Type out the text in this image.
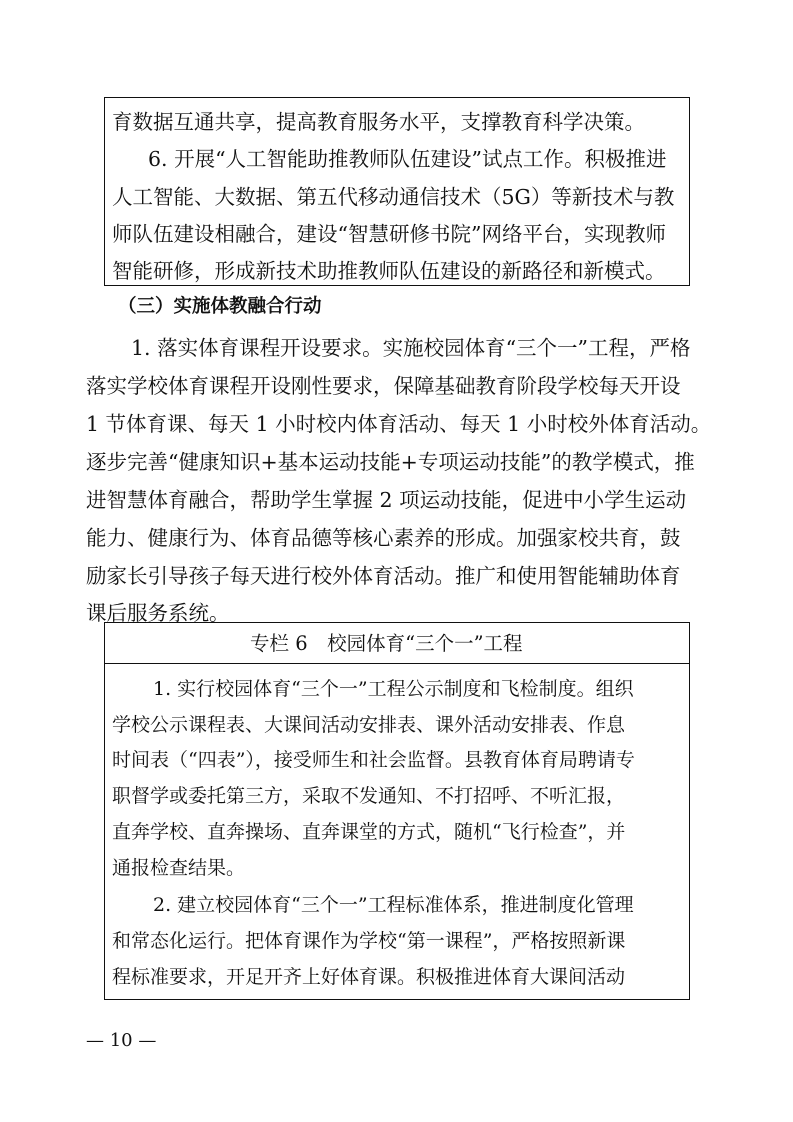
育数据互通共享，提高教育服务水平，支撑教育科学决策。
6. 开展“人工智能助推教师队伍建设”试点工作。积极推进
人工智能、大数据、第五代移动通信技术（5G）等新技术与教
师队伍建设相融合，建设“智慧研修书院”网络平台，实现教师
智能研修，形成新技术助推教师队伍建设的新路径和新模式。
（三）实施体教融合行动
1. 落实体育课程开设要求。实施校园体育“三个一”工程，严格
落实学校体育课程开设刚性要求，保障基础教育阶段学校每天开设
1 节体育课、每天 1 小时校内体育活动、每天 1 小时校外体育活动。
逐步完善“健康知识+基本运动技能+专项运动技能”的教学模式，推
进智慧体育融合，帮助学生掌握 2 项运动技能，促进中小学生运动
能力、健康行为、体育品德等核心素养的形成。加强家校共育，鼓
励家长引导孩子每天进行校外体育活动。推广和使用智能辅助体育
课后服务系统。
专栏 6　校园体育“三个一”工程
1. 实行校园体育“三个一”工程公示制度和飞检制度。组织
学校公示课程表、大课间活动安排表、课外活动安排表、作息
时间表（“四表”），接受师生和社会监督。县教育体育局聘请专
职督学或委托第三方，采取不发通知、不打招呼、不听汇报，
直奔学校、直奔操场、直奔课堂的方式，随机“飞行检查”，并
通报检查结果。
2. 建立校园体育“三个一”工程标准体系，推进制度化管理
和常态化运行。把体育课作为学校“第一课程”，严格按照新课
程标准要求，开足开齐上好体育课。积极推进体育大课间活动
— 10 —
